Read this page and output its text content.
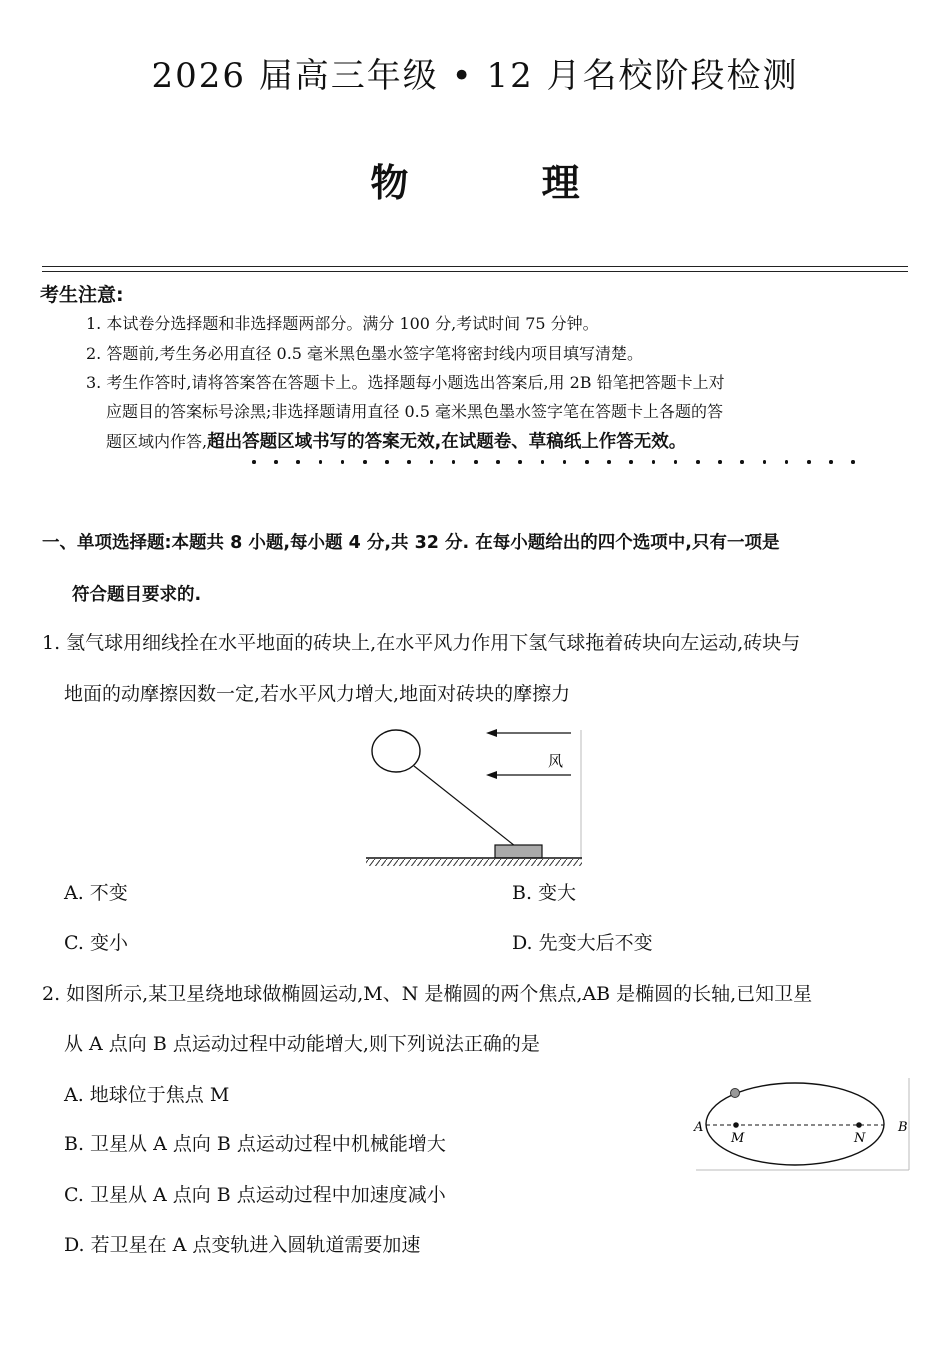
2026 届高三年级 • 12 月名校阶段检测
物 理
考生注意:
1. 本试卷分选择题和非选择题两部分。满分 100 分,考试时间 75 分钟。
2. 答题前,考生务必用直径 0.5 毫米黑色墨水签字笔将密封线内项目填写清楚。
3. 考生作答时,请将答案答在答题卡上。选择题每小题选出答案后,用 2B 铅笔把答题卡上对
应题目的答案标号涂黑;非选择题请用直径 0.5 毫米黑色墨水签字笔在答题卡上各题的答
题区域内作答,超出答题区域书写的答案无效,在试题卷、草稿纸上作答无效。
一、单项选择题:本题共 8 小题,每小题 4 分,共 32 分. 在每小题给出的四个选项中,只有一项是
符合题目要求的.
1. 氢气球用细线拴在水平地面的砖块上,在水平风力作用下氢气球拖着砖块向左运动,砖块与
地面的动摩擦因数一定,若水平风力增大,地面对砖块的摩擦力
风
A. 不变	B. 变大
C. 变小	D. 先变大后不变
2. 如图所示,某卫星绕地球做椭圆运动,M、N 是椭圆的两个焦点,AB 是椭圆的长轴,已知卫星
从 A 点向 B 点运动过程中动能增大,则下列说法正确的是
A. 地球位于焦点 M
B. 卫星从 A 点向 B 点运动过程中机械能增大
C. 卫星从 A 点向 B 点运动过程中加速度减小
D. 若卫星在 A 点变轨进入圆轨道需要加速
A	B
M	N
